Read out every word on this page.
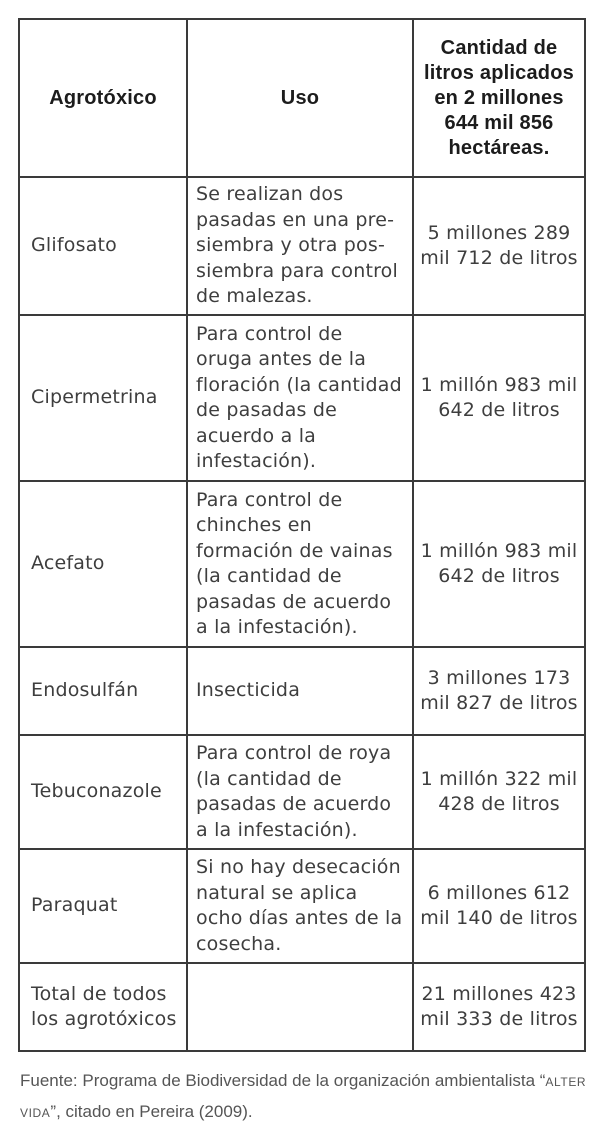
Agrotóxico	Uso	Cantidad de litros aplicados en 2 millones 644 mil 856 hectáreas.
Glifosato	Se realizan dos pasadas en una pre-siembra y otra pos-siembra para control de malezas.	5 millones 289 mil 712 de litros
Cipermetrina	Para control de oruga antes de la floración (la cantidad de pasadas de acuerdo a la infestación).	1 millón 983 mil 642 de litros
Acefato	Para control de chinches en formación de vainas (la cantidad de pasadas de acuerdo a la infestación).	1 millón 983 mil 642 de litros
Endosulfán	Insecticida	3 millones 173 mil 827 de litros
Tebuconazole	Para control de roya (la cantidad de pasadas de acuerdo a la infestación).	1 millón 322 mil 428 de litros
Paraquat	Si no hay desecación natural se aplica ocho días antes de la cosecha.	6 millones 612 mil 140 de litros
Total de todos los agrotóxicos		21 millones 423 mil 333 de litros
Fuente: Programa de Biodiversidad de la organización ambientalista “ALTER VIDA”, citado en Pereira (2009).
